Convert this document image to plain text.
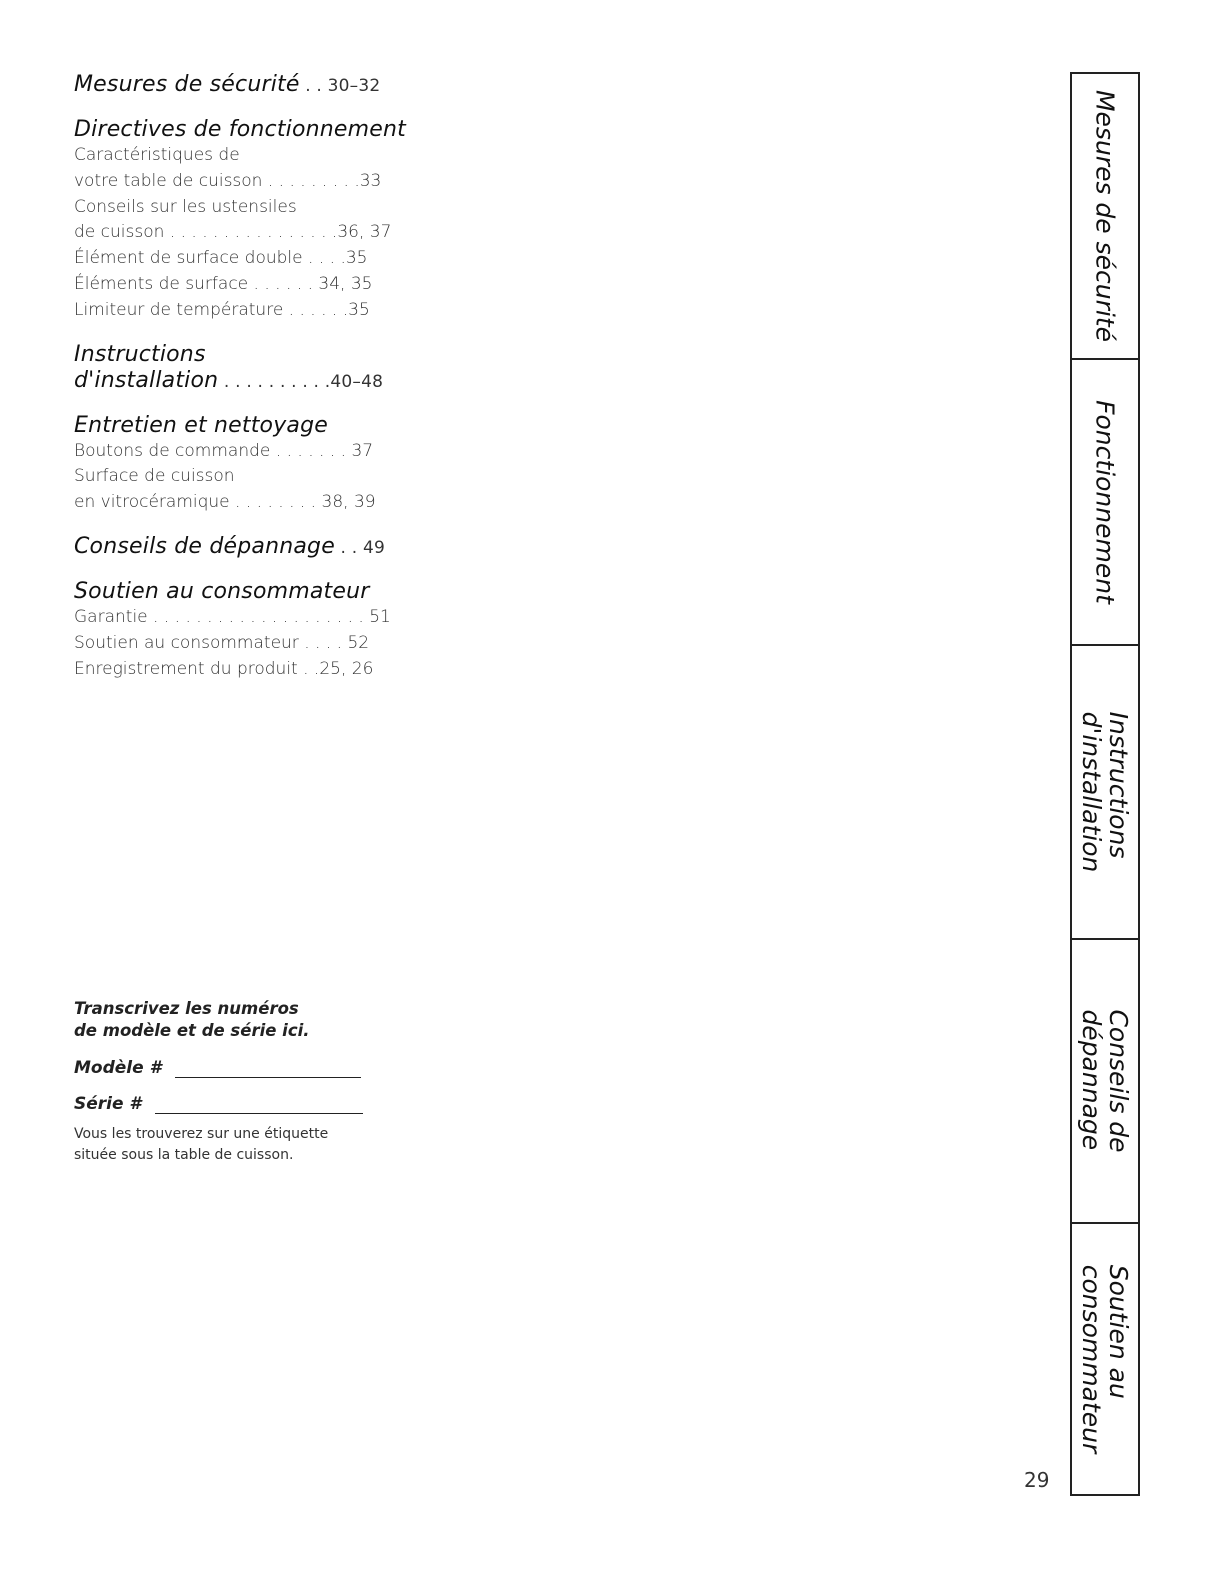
Mesures de sécurité . . 30–32
Directives de fonctionnement
Caractéristiques de
votre table de cuisson . . . . . . . . .33
Conseils sur les ustensiles
de cuisson . . . . . . . . . . . . . . . .36, 37
Élément de surface double . . . .35
Éléments de surface . . . . . . 34, 35
Limiteur de température . . . . . .35
Instructions
d'installation . . . . . . . . . .40–48
Entretien et nettoyage
Boutons de commande . . . . . . . 37
Surface de cuisson
en vitrocéramique . . . . . . . . 38, 39
Conseils de dépannage . . 49
Soutien au consommateur
Garantie . . . . . . . . . . . . . . . . . . . . 51
Soutien au consommateur . . . . 52
Enregistrement du produit . .25, 26
Transcrivez les numéros
de modèle et de série ici.
Modèle #
Série #
Vous les trouverez sur une étiquette
située sous la table de cuisson.
Mesures de sécurité
Fonctionnement
Instructions
d'installation
Conseils de
dépannage
Soutien au
consommateur
29
